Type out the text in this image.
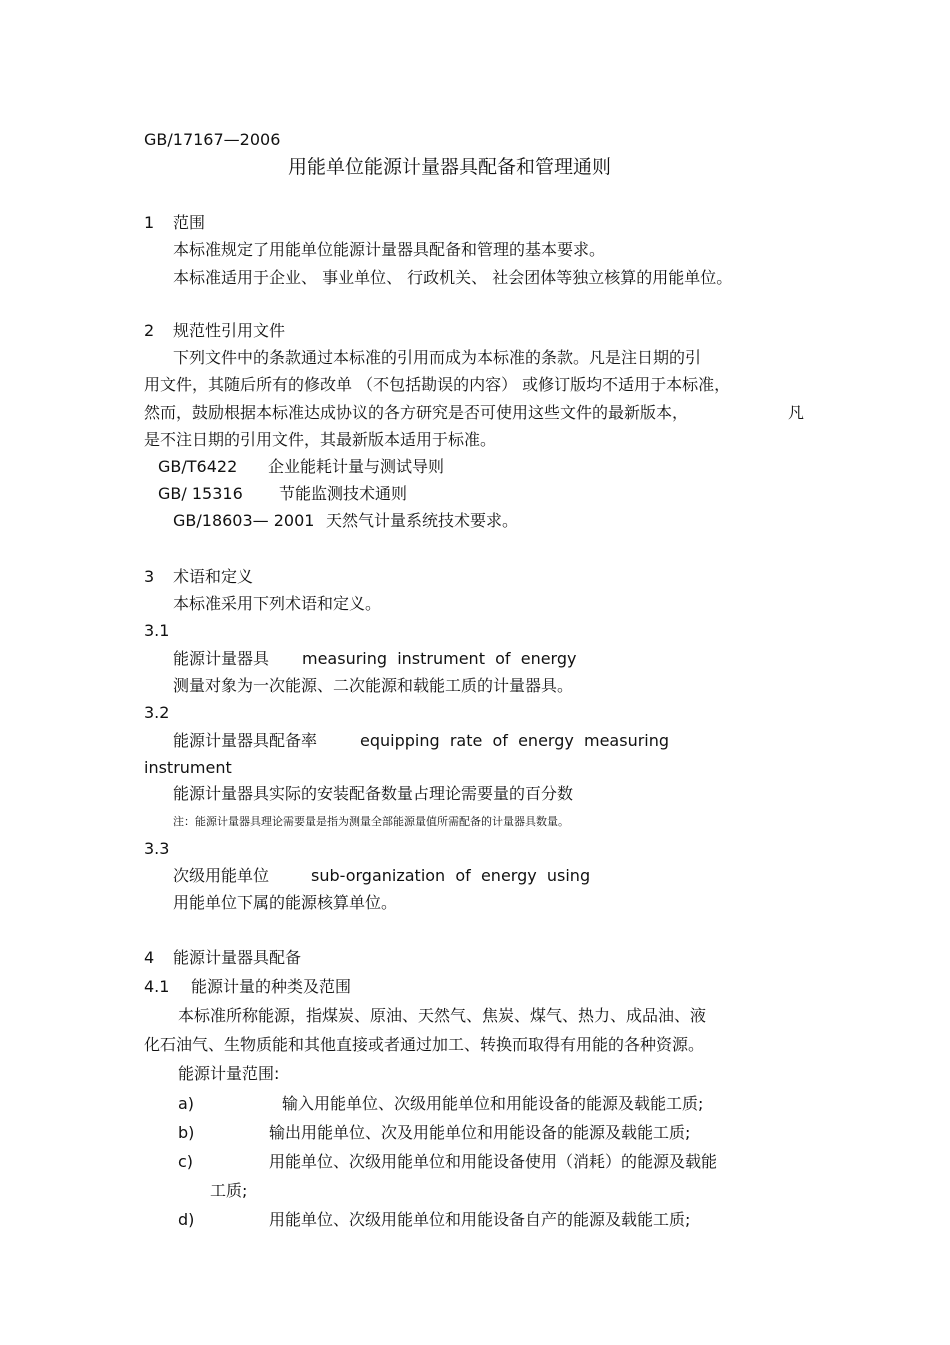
GB/17167—2006
用能单位能源计量器具配备和管理通则
1 范围
本标准规定了用能单位能源计量器具配备和管理的基本要求。
本标准适用于企业、 事业单位、 行政机关、 社会团体等独立核算的用能单位。
2 规范性引用文件
下列文件中的条款通过本标准的引用而成为本标准的条款。凡是注日期的引
用文件，其随后所有的修改单 （不包括勘误的内容） 或修订版均不适用于本标准，
然而，鼓励根据本标准达成协议的各方研究是否可使用这些文件的最新版本，	凡
是不注日期的引用文件，其最新版本适用于标准。
GB/T6422 企业能耗计量与测试导则
GB/ 15316 节能监测技术通则
GB/18603— 2001 天然气计量系统技术要求。
3 术语和定义
本标准采用下列术语和定义。
3.1
能源计量器具 measuring  instrument  of  energy
测量对象为一次能源、二次能源和载能工质的计量器具。
3.2
能源计量器具配备率	equipping  rate  of  energy  measuring
instrument
能源计量器具实际的安装配备数量占理论需要量的百分数
注：能源计量器具理论需要量是指为测量全部能源量值所需配备的计量器具数量。
3.3
次级用能单位	sub-organization  of  energy  using
用能单位下属的能源核算单位。
4 能源计量器具配备
4.1 能源计量的种类及范围
本标准所称能源，指煤炭、原油、天然气、焦炭、煤气、热力、成品油、液
化石油气、生物质能和其他直接或者通过加工、转换而取得有用能的各种资源。
能源计量范围:
a)	输入用能单位、次级用能单位和用能设备的能源及载能工质;
b)	输出用能单位、次及用能单位和用能设备的能源及载能工质;
c)	用能单位、次级用能单位和用能设备使用（消耗）的能源及载能
工质;
d)	用能单位、次级用能单位和用能设备自产的能源及载能工质;
